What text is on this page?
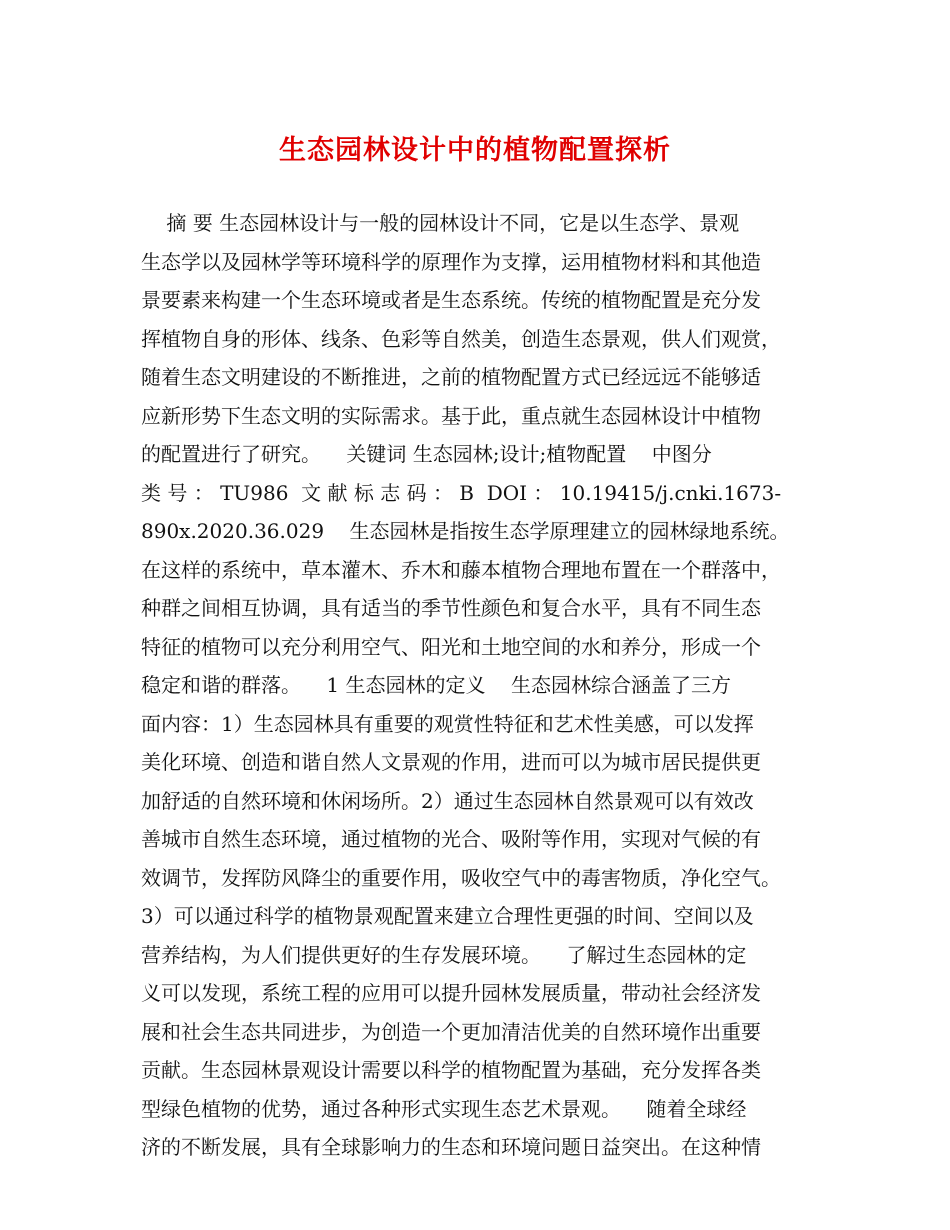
生态园林设计中的植物配置探析
摘 要 生态园林设计与一般的园林设计不同，它是以生态学、景观
生态学以及园林学等环境科学的原理作为支撑，运用植物材料和其他造
景要素来构建一个生态环境或者是生态系统。传统的植物配置是充分发
挥植物自身的形体、线条、色彩等自然美，创造生态景观，供人们观赏，
随着生态文明建设的不断推进，之前的植物配置方式已经远远不能够适
应新形势下生态文明的实际需求。基于此，重点就生态园林设计中植物
的配置进行了研究。    关键词 生态园林;设计;植物配置    中图分
类 号 ： TU986  文 献 标 志 码 ： B  DOI ： 10.19415/j.cnki.1673-
890x.2020.36.029    生态园林是指按生态学原理建立的园林绿地系统。
在这样的系统中，草本灌木、乔木和藤本植物合理地布置在一个群落中，
种群之间相互协调，具有适当的季节性颜色和复合水平，具有不同生态
特征的植物可以充分利用空气、阳光和土地空间的水和养分，形成一个
稳定和谐的群落。    1 生态园林的定义    生态园林综合涵盖了三方
面内容：1）生态园林具有重要的观赏性特征和艺术性美感，可以发挥
美化环境、创造和谐自然人文景观的作用，进而可以为城市居民提供更
加舒适的自然环境和休闲场所。2）通过生态园林自然景观可以有效改
善城市自然生态环境，通过植物的光合、吸附等作用，实现对气候的有
效调节，发挥防风降尘的重要作用，吸收空气中的毒害物质，净化空气。
3）可以通过科学的植物景观配置来建立合理性更强的时间、空间以及
营养结构，为人们提供更好的生存发展环境。    了解过生态园林的定
义可以发现，系统工程的应用可以提升园林发展质量，带动社会经济发
展和社会生态共同进步，为创造一个更加清洁优美的自然环境作出重要
贡献。生态园林景观设计需要以科学的植物配置为基础，充分发挥各类
型绿色植物的优势，通过各种形式实现生态艺术景观。    随着全球经
济的不断发展，具有全球影响力的生态和环境问题日益突出。在这种情
